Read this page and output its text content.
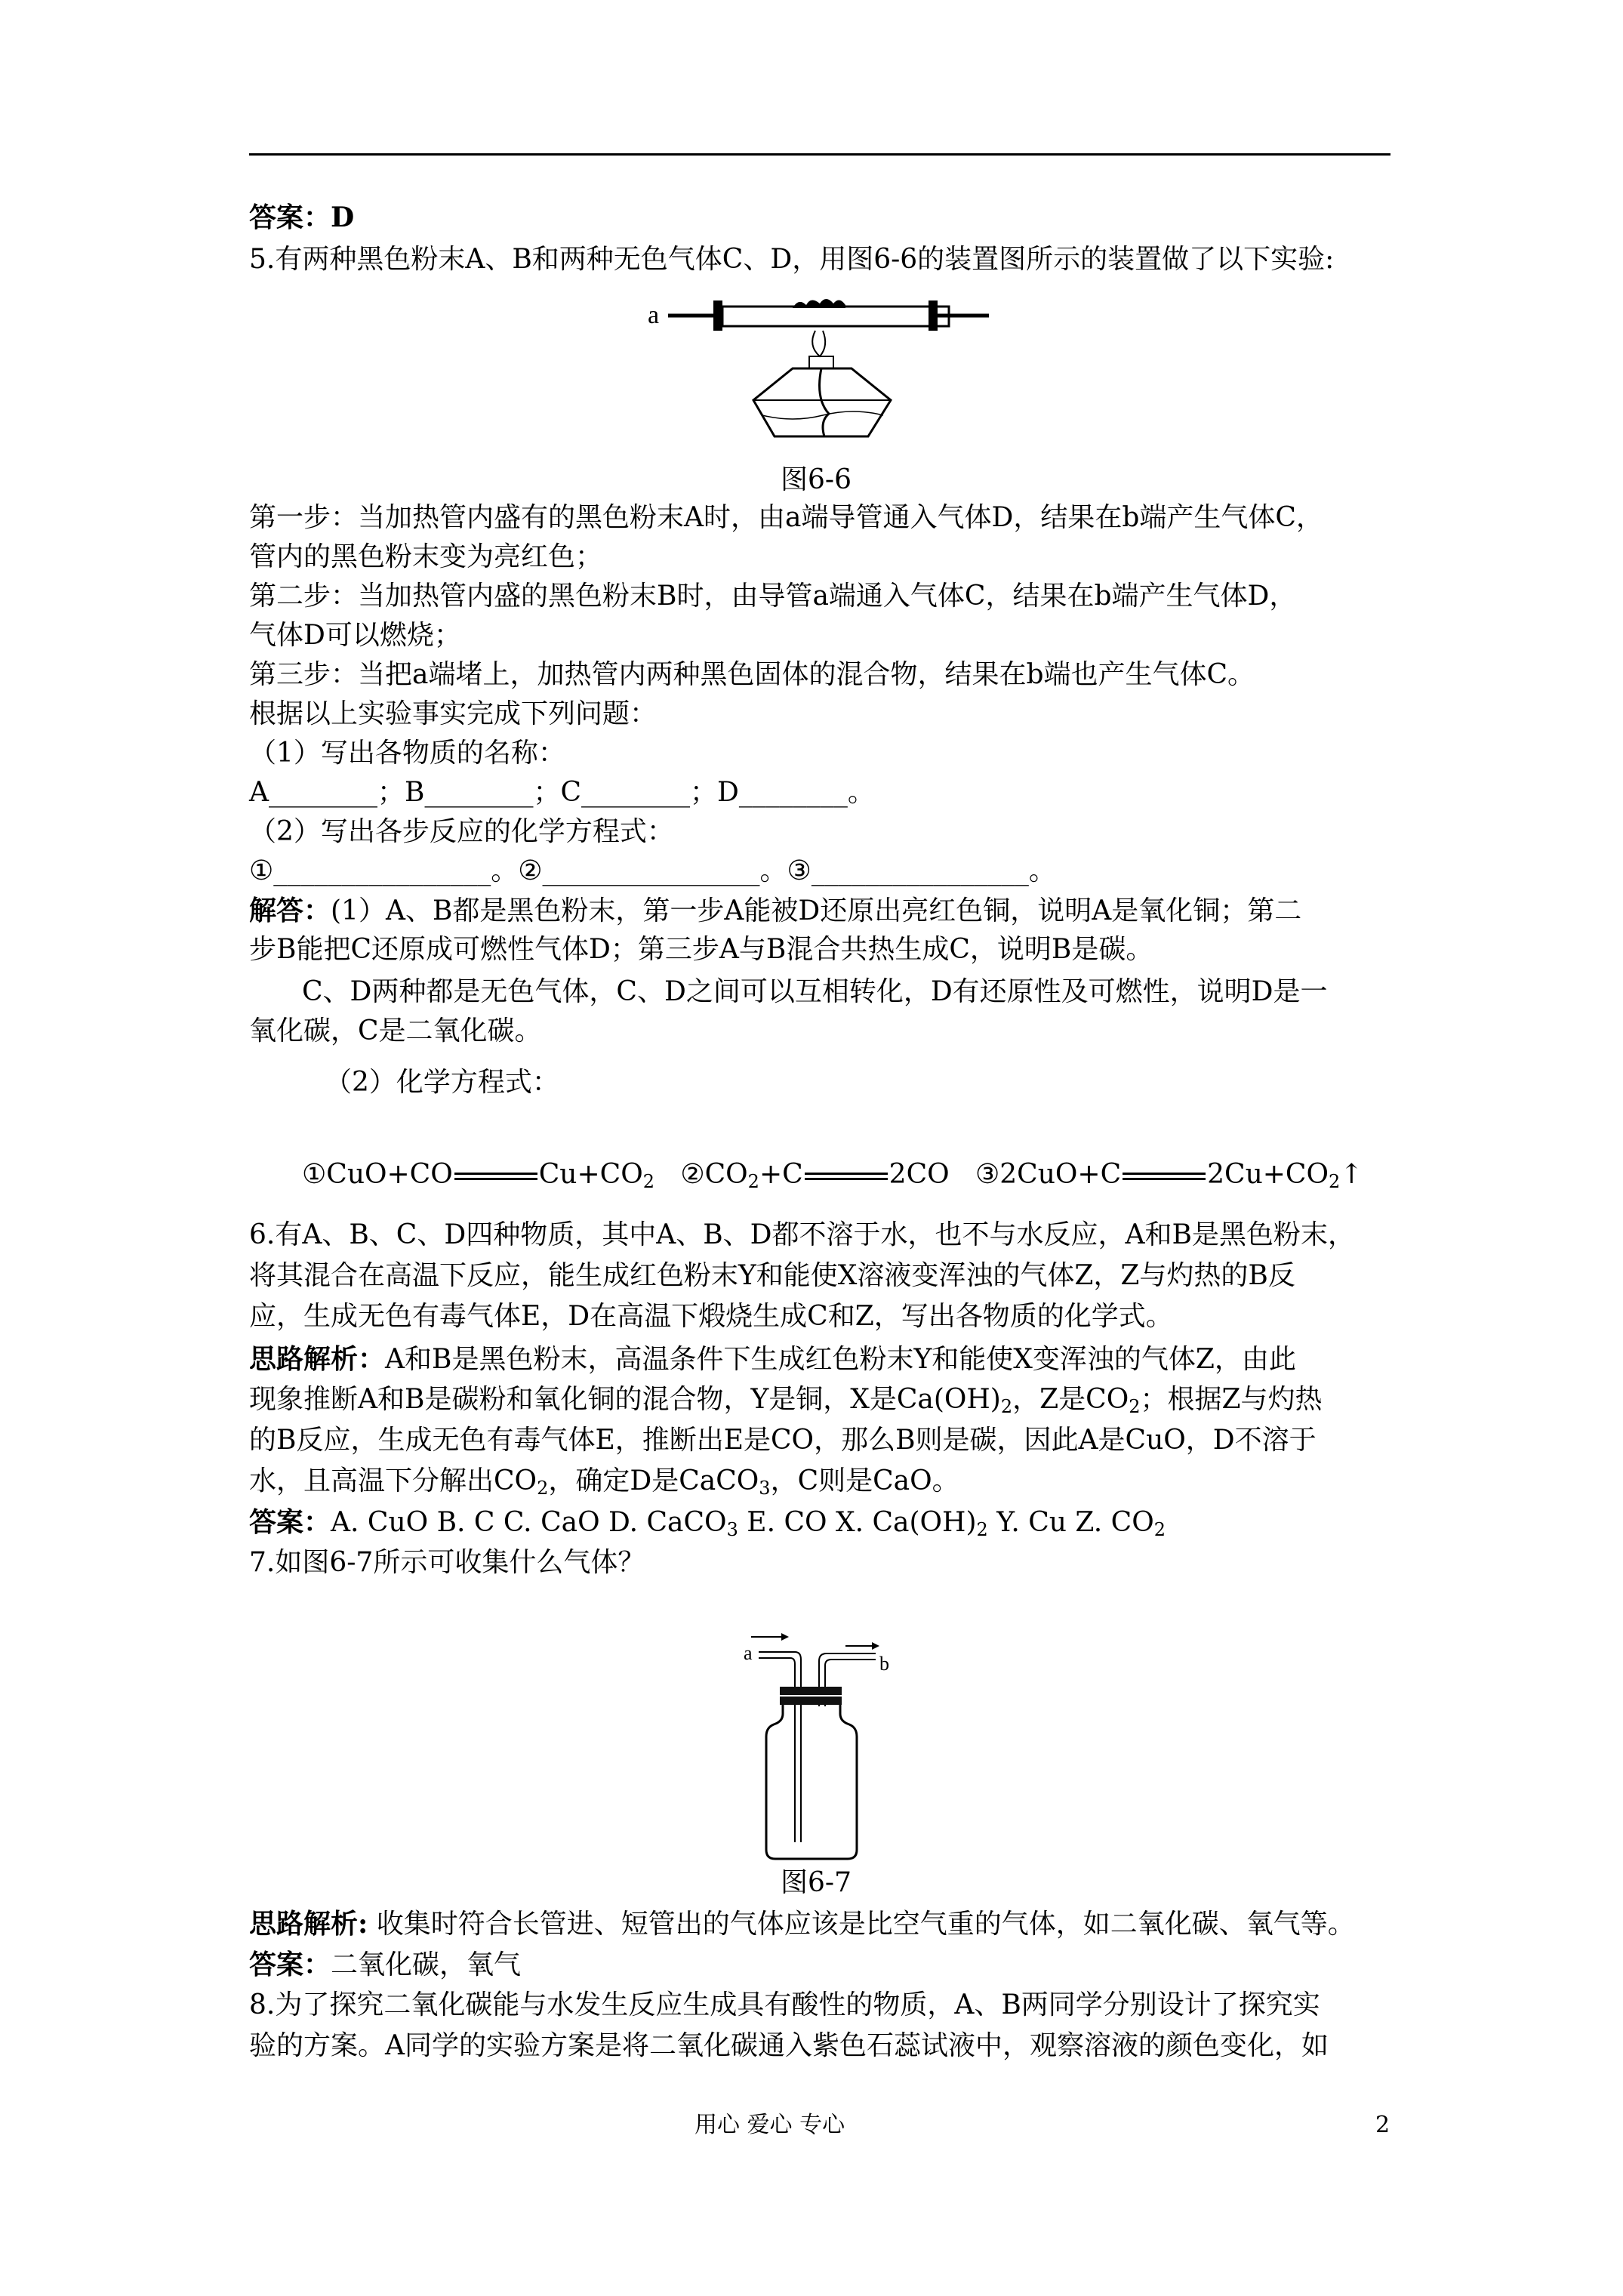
答案：D
5.有两种黑色粉末A、B和两种无色气体C、D，用图6-6的装置图所示的装置做了以下实验:
a
图6-6
第一步：当加热管内盛有的黑色粉末A时，由a端导管通入气体D，结果在b端产生气体C，
管内的黑色粉末变为亮红色；
第二步：当加热管内盛的黑色粉末B时，由导管a端通入气体C，结果在b端产生气体D，
气体D可以燃烧；
第三步：当把a端堵上，加热管内两种黑色固体的混合物，结果在b端也产生气体C。
根据以上实验事实完成下列问题：
（1）写出各物质的名称：
A________；B________；C________；D________。
（2）写出各步反应的化学方程式：
①________________。②________________。③________________。
解答：(1）A、B都是黑色粉末，第一步A能被D还原出亮红色铜，说明A是氧化铜；第二
步B能把C还原成可燃性气体D；第三步A与B混合共热生成C，说明B是碳。
C、D两种都是无色气体，C、D之间可以互相转化，D有还原性及可燃性，说明D是一
氧化碳，C是二氧化碳。
（2）化学方程式：
①CuO+CO	$Cu+CO_2$ $②CO_2+C$	2CO ③2CuO+C	$2Cu+CO_2↑$
6.有A、B、C、D四种物质，其中A、B、D都不溶于水，也不与水反应，A和B是黑色粉末，
将其混合在高温下反应，能生成红色粉末Y和能使X溶液变浑浊的气体Z，Z与灼热的B反
应，生成无色有毒气体E，D在高温下煅烧生成C和Z，写出各物质的化学式。
思路解析：A和B是黑色粉末，高温条件下生成红色粉末Y和能使X变浑浊的气体Z，由此
现象推断A和B是碳粉和氧化铜的混合物，Y是铜，X是$Ca(OH)_2$，Z是$CO_2$；根据Z与灼热
的B反应，生成无色有毒气体E，推断出E是CO，那么B则是碳，因此A是CuO，D不溶于
水，且高温下分解出$CO_2$，确定D是CaCO$_3$，C则是CaO。
答案：A. CuO B. C C. CaO D. CaCO$_3$ E. CO X. $Ca(OH)_2$ Y. Cu Z. $CO_2$
7.如图6-7所示可收集什么气体？
a	b
图6-7
思路解析: 收集时符合长管进、短管出的气体应该是比空气重的气体，如二氧化碳、氧气等。
答案：二氧化碳，氧气
8.为了探究二氧化碳能与水发生反应生成具有酸性的物质，A、B两同学分别设计了探究实
验的方案。A同学的实验方案是将二氧化碳通入紫色石蕊试液中，观察溶液的颜色变化，如
用心 爱心 专心	2
